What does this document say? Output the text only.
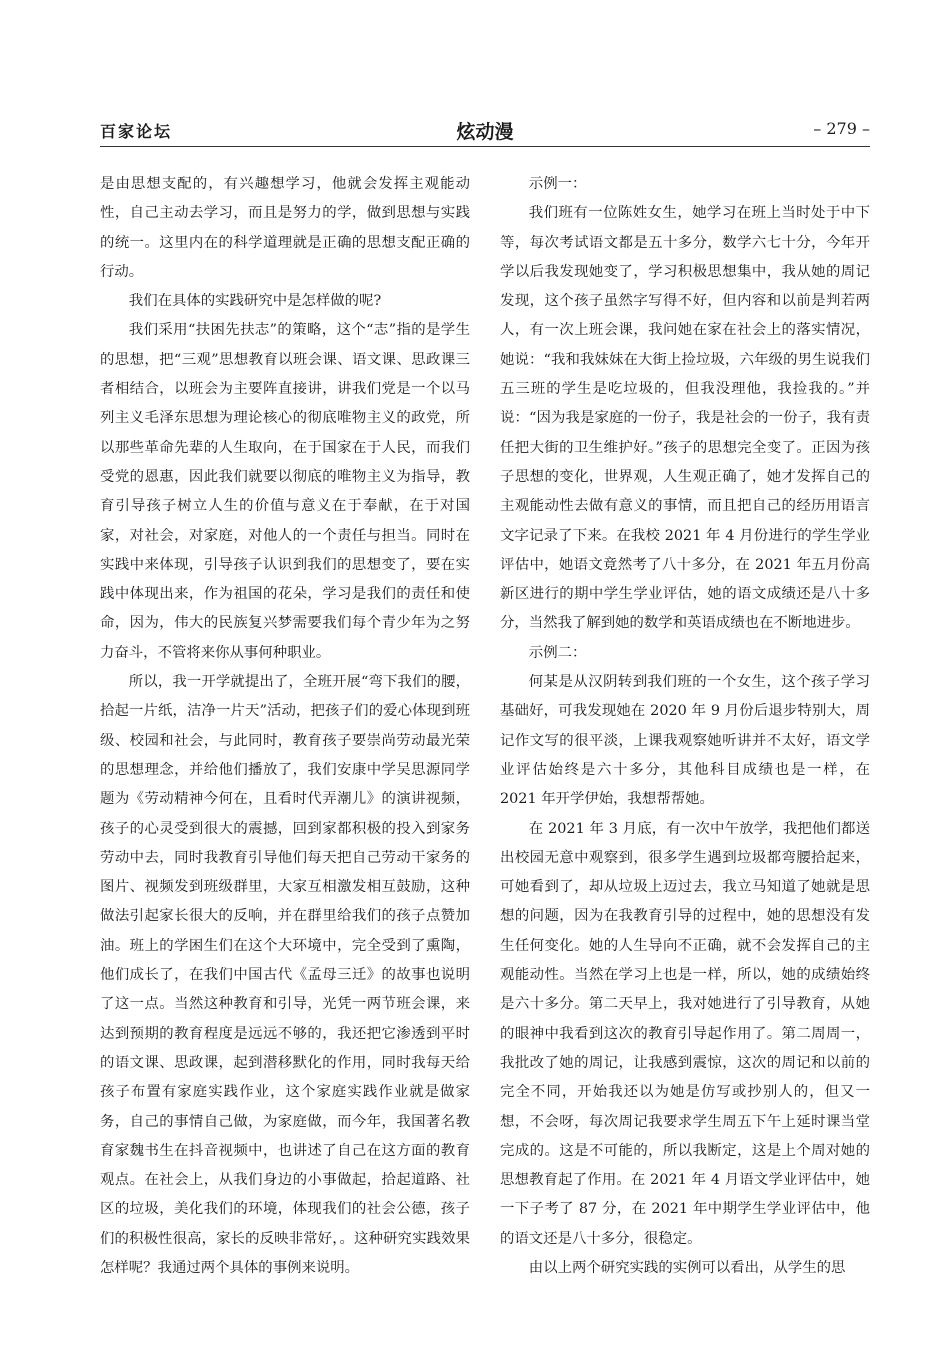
百家论坛	炫动漫	– 279 –

是由思想支配的，有兴趣想学习，他就会发挥主观能动性，自己主动去学习，而且是努力的学，做到思想与实践的统一。这里内在的科学道理就是正确的思想支配正确的行动。

我们在具体的实践研究中是怎样做的呢?

我们采用“扶困先扶志”的策略，这个“志”指的是学生的思想，把“三观”思想教育以班会课、语文课、思政课三者相结合，以班会为主要阵直接讲，讲我们党是一个以马列主义毛泽东思想为理论核心的彻底唯物主义的政党，所以那些革命先辈的人生取向，在于国家在于人民，而我们受党的恩惠，因此我们就要以彻底的唯物主义为指导，教育引导孩子树立人生的价值与意义在于奉献，在于对国家，对社会，对家庭，对他人的一个责任与担当。同时在实践中来体现，引导孩子认识到我们的思想变了，要在实践中体现出来，作为祖国的花朵，学习是我们的责任和使命，因为，伟大的民族复兴梦需要我们每个青少年为之努力奋斗，不管将来你从事何种职业。

所以，我一开学就提出了，全班开展“弯下我们的腰，拾起一片纸，洁净一片天”活动，把孩子们的爱心体现到班级、校园和社会，与此同时，教育孩子要崇尚劳动最光荣的思想理念，并给他们播放了，我们安康中学吴思源同学题为《劳动精神今何在，且看时代弄潮儿》的演讲视频，孩子的心灵受到很大的震撼，回到家都积极的投入到家务劳动中去，同时我教育引导他们每天把自己劳动干家务的图片、视频发到班级群里，大家互相激发相互鼓励，这种做法引起家长很大的反响，并在群里给我们的孩子点赞加油。班上的学困生们在这个大环境中，完全受到了熏陶，他们成长了，在我们中国古代《孟母三迁》的故事也说明了这一点。当然这种教育和引导，光凭一两节班会课，来达到预期的教育程度是远远不够的，我还把它渗透到平时的语文课、思政课，起到潜移默化的作用，同时我每天给孩子布置有家庭实践作业，这个家庭实践作业就是做家务，自己的事情自己做，为家庭做，而今年，我国著名教育家魏书生在抖音视频中，也讲述了自己在这方面的教育观点。在社会上，从我们身边的小事做起，拾起道路、社区的垃圾，美化我们的环境，体现我们的社会公德，孩子们的积极性很高，家长的反映非常好，。这种研究实践效果怎样呢？我通过两个具体的事例来说明。

示例一：

我们班有一位陈姓女生，她学习在班上当时处于中下等，每次考试语文都是五十多分，数学六七十分，今年开学以后我发现她变了，学习积极思想集中，我从她的周记发现，这个孩子虽然字写得不好，但内容和以前是判若两人，有一次上班会课，我问她在家在社会上的落实情况，她说：“我和我妹妹在大街上捡垃圾，六年级的男生说我们五三班的学生是吃垃圾的，但我没理他，我捡我的。”并说：“因为我是家庭的一份子，我是社会的一份子，我有责任把大街的卫生维护好。”孩子的思想完全变了。正因为孩子思想的变化，世界观，人生观正确了，她才发挥自己的主观能动性去做有意义的事情，而且把自己的经历用语言文字记录了下来。在我校 2021 年 4 月份进行的学生学业评估中，她语文竟然考了八十多分，在 2021 年五月份高新区进行的期中学生学业评估，她的语文成绩还是八十多分，当然我了解到她的数学和英语成绩也在不断地进步。

示例二：

何某是从汉阴转到我们班的一个女生，这个孩子学习基础好，可我发现她在 2020 年 9 月份后退步特别大，周记作文写的很平淡，上课我观察她听讲并不太好，语文学业评估始终是六十多分，其他科目成绩也是一样，在 2021 年开学伊始，我想帮帮她。

在 2021 年 3 月底，有一次中午放学，我把他们都送出校园无意中观察到，很多学生遇到垃圾都弯腰拾起来，可她看到了，却从垃圾上迈过去，我立马知道了她就是思想的问题，因为在我教育引导的过程中，她的思想没有发生任何变化。她的人生导向不正确，就不会发挥自己的主观能动性。当然在学习上也是一样，所以，她的成绩始终是六十多分。第二天早上，我对她进行了引导教育，从她的眼神中我看到这次的教育引导起作用了。第二周周一，我批改了她的周记，让我感到震惊，这次的周记和以前的完全不同，开始我还以为她是仿写或抄别人的，但又一想，不会呀，每次周记我要求学生周五下午上延时课当堂完成的。这是不可能的，所以我断定，这是上个周对她的思想教育起了作用。在 2021 年 4 月语文学业评估中，她一下子考了 87 分，在 2021 年中期学生学业评估中，他的语文还是八十多分，很稳定。

由以上两个研究实践的实例可以看出，从学生的思
